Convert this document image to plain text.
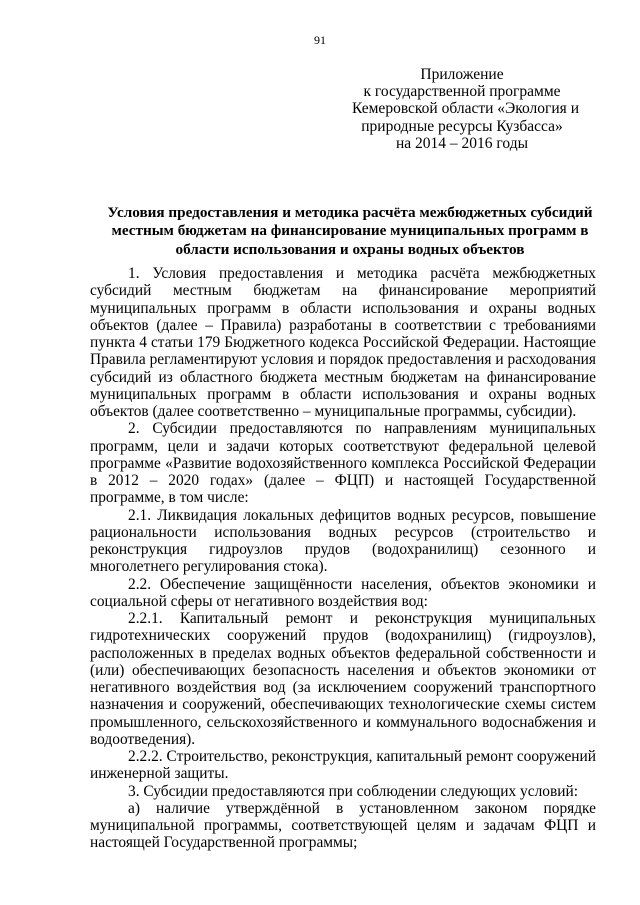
91
Приложение
к государственной программе
Кемеровской области «Экология и
природные ресурсы Кузбасса»
на 2014 – 2016 годы
Условия предоставления и методика расчёта межбюджетных субсидий
местным бюджетам на финансирование муниципальных программ в
области использования и охраны водных объектов

1. Условия предоставления и методика расчёта межбюджетных субсидий местным бюджетам на финансирование мероприятий муниципальных программ в области использования и охраны водных объектов (далее – Правила) разработаны в соответствии с требованиями пункта 4 статьи 179 Бюджетного кодекса Российской Федерации. Настоящие Правила регламентируют условия и порядок предоставления и расходования субсидий из областного бюджета местным бюджетам на финансирование муниципальных программ в области использования и охраны водных объектов (далее соответственно – муниципальные программы, субсидии).

2. Субсидии предоставляются по направлениям муниципальных программ, цели и задачи которых соответствуют федеральной целевой программе «Развитие водохозяйственного комплекса Российской Федерации в 2012 – 2020 годах» (далее – ФЦП) и настоящей Государственной программе, в том числе:

2.1. Ликвидация локальных дефицитов водных ресурсов, повышение рациональности использования водных ресурсов (строительство и реконструкция гидроузлов прудов (водохранилищ) сезонного и многолетнего регулирования стока).

2.2. Обеспечение защищённости населения, объектов экономики и социальной сферы от негативного воздействия вод:

2.2.1. Капитальный ремонт и реконструкция муниципальных гидротехнических сооружений прудов (водохранилищ) (гидроузлов), расположенных в пределах водных объектов федеральной собственности и (или) обеспечивающих безопасность населения и объектов экономики от негативного воздействия вод (за исключением сооружений транспортного назначения и сооружений, обеспечивающих технологические схемы систем промышленного, сельскохозяйственного и коммунального водоснабжения и водоотведения).

2.2.2. Строительство, реконструкция, капитальный ремонт сооружений инженерной защиты.

3. Субсидии предоставляются при соблюдении следующих условий:

а) наличие утверждённой в установленном законом порядке муниципальной программы, соответствующей целям и задачам ФЦП и настоящей Государственной программы;
